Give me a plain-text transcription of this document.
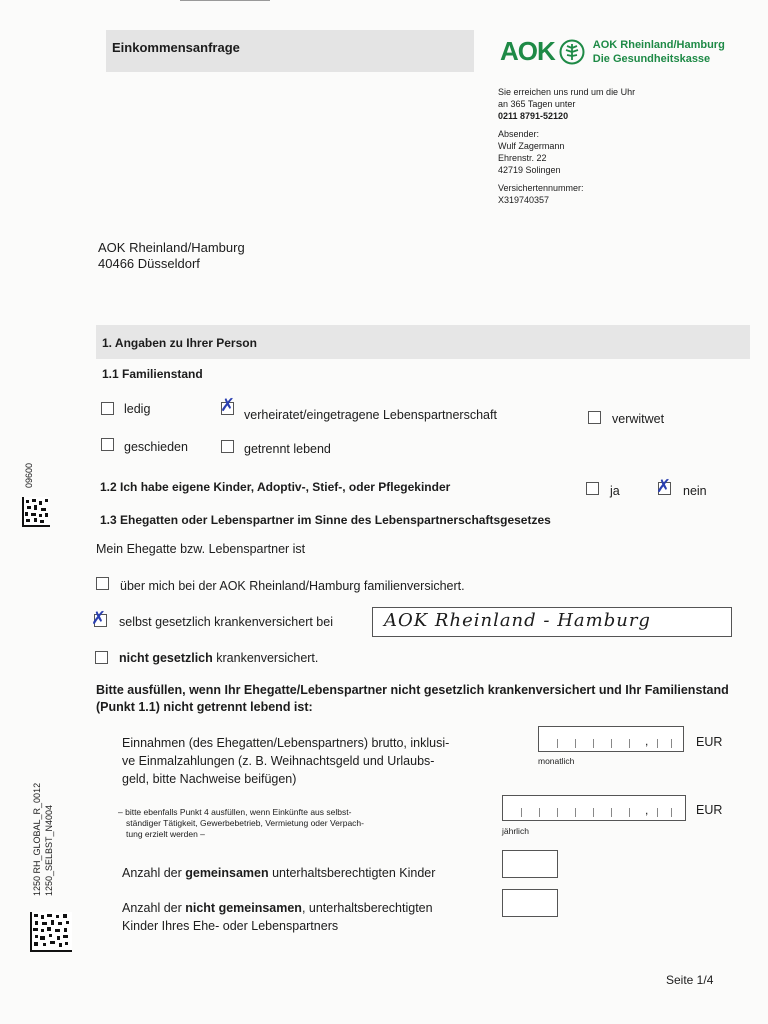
Einkommensanfrage	AOK	AOK Rheinland/Hamburg
Die Gesundheitskasse
Sie erreichen uns rund um die Uhr
an 365 Tagen unter
0211 8791-52120
Absender:
Wulf Zagermann
Ehrenstr. 22
42719 Solingen
Versichertennummer:
X319740357
AOK Rheinland/Hamburg
40466 Düsseldorf
1. Angaben zu Ihrer Person
1.1 Familienstand
ledig	✗ verheiratet/eingetragene Lebenspartnerschaft	verwitwet
geschieden	getrennt lebend
1.2 Ich habe eigene Kinder, Adoptiv-, Stief-, oder Pflegekinder	ja ✗ nein
1.3 Ehegatten oder Lebenspartner im Sinne des Lebenspartnerschaftsgesetzes
Mein Ehegatte bzw. Lebenspartner ist
über mich bei der AOK Rheinland/Hamburg familienversichert.
✗ selbst gesetzlich krankenversichert bei	AOK Rheinland - Hamburg
nicht gesetzlich krankenversichert.
Bitte ausfüllen, wenn Ihr Ehegatte/Lebenspartner nicht gesetzlich krankenversichert und Ihr Familienstand (Punkt 1.1) nicht getrennt lebend ist:
Einnahmen (des Ehegatten/Lebenspartners) brutto, inklusi-
ve Einmalzahlungen (z. B. Weihnachtsgeld und Urlaubs-
geld, bitte Nachweise beifügen)
,	EUR
monatlich
– bitte ebenfalls Punkt 4 ausfüllen, wenn Einkünfte aus selbst-
ständiger Tätigkeit, Gewerbebetrieb, Vermietung oder Verpach-
tung erzielt werden –
,	EUR
jährlich
Anzahl der gemeinsamen unterhaltsberechtigten Kinder
Anzahl der nicht gemeinsamen, unterhaltsberechtigten
Kinder Ihres Ehe- oder Lebenspartners
09600
1250 RH_GLOBAL_R_0012 1250_SELBST_N4004
Seite 1/4
